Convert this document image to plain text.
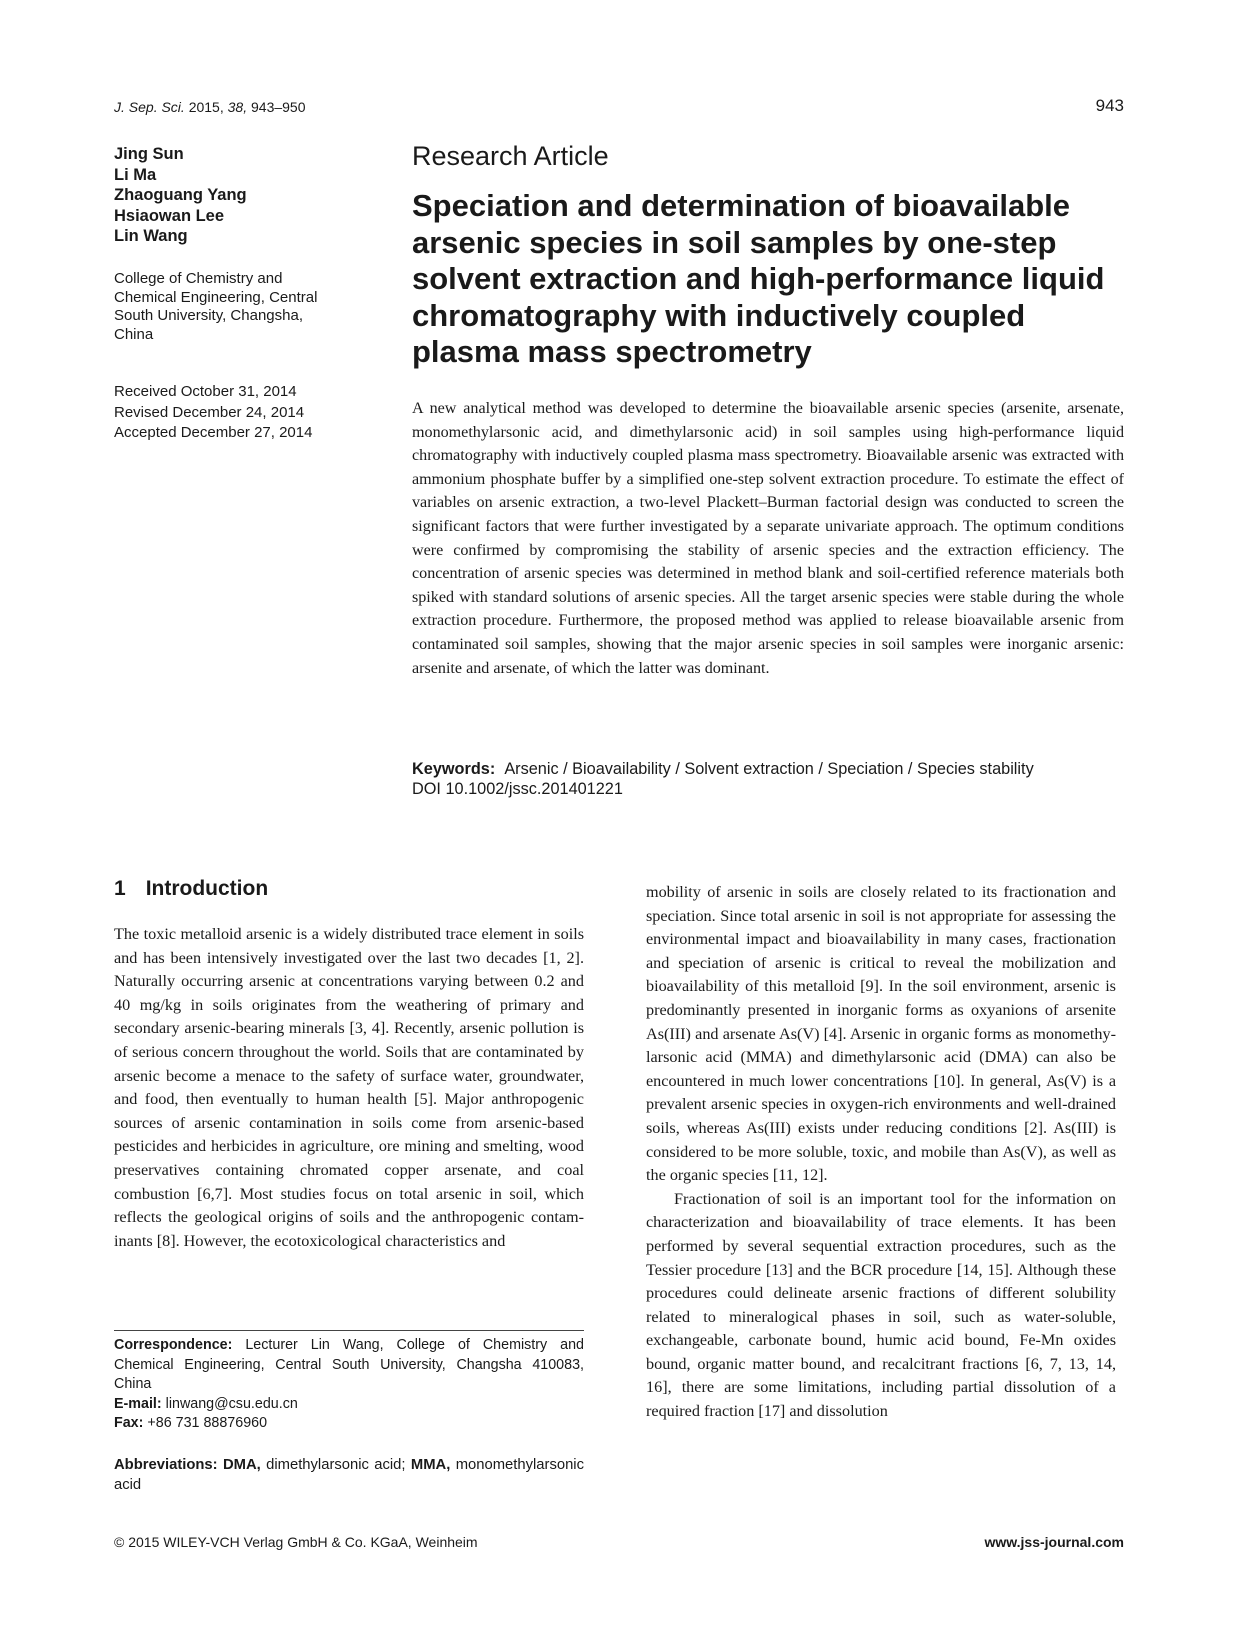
J. Sep. Sci. 2015, 38, 943–950	943
Jing Sun
Li Ma
Zhaoguang Yang
Hsiaowan Lee
Lin Wang
College of Chemistry and
Chemical Engineering, Central
South University, Changsha,
China
Received October 31, 2014
Revised December 24, 2014
Accepted December 27, 2014
Research Article
Speciation and determination of bioavailable arsenic species in soil samples by one-step solvent extraction and high-performance liquid chromatography with inductively coupled plasma mass spectrometry

A new analytical method was developed to determine the bioavailable arsenic species (arsenite, arsenate, monomethylarsonic acid, and dimethylarsonic acid) in soil samples using high-performance liquid chromatography with inductively coupled plasma mass spectrometry. Bioavailable arsenic was extracted with ammonium phosphate buffer by a simplified one-step solvent extraction procedure. To estimate the effect of variables on arsenic extraction, a two-level Plackett–Burman factorial design was conducted to screen the significant factors that were further investigated by a separate univariate approach. The optimum conditions were confirmed by compromising the stability of arsenic species and the extraction efficiency. The concentration of arsenic species was determined in method blank and soil-certified reference materials both spiked with standard solutions of arsenic species. All the target arsenic species were stable during the whole extraction procedure. Furthermore, the proposed method was applied to release bioavailable arsenic from contaminated soil samples, showing that the major arsenic species in soil samples were inorganic arsenic: arsenite and arsenate, of which the latter was dominant.

Keywords: Arsenic / Bioavailability / Solvent extraction / Speciation / Species stability
DOI 10.1002/jssc.201401221
1 Introduction

The toxic metalloid arsenic is a widely distributed trace element in soils and has been intensively investigated over the last two decades [1, 2]. Naturally occurring arsenic at concentrations varying between 0.2 and 40 mg/kg in soils originates from the weathering of primary and secondary arsenic-bearing minerals [3, 4]. Recently, arsenic pollution is of serious concern throughout the world. Soils that are contaminated by arsenic become a menace to the safety of surface water, groundwater, and food, then eventually to human health [5]. Major anthropogenic sources of arsenic contamination in soils come from arsenic-based pesticides and herbicides in agriculture, ore mining and smelting, wood preservatives containing chromated copper arsenate, and coal combustion [6,7]. Most studies focus on total arsenic in soil, which reflects the geological origins of soils and the anthropogenic contaminants [8]. However, the ecotoxicological characteristics and

mobility of arsenic in soils are closely related to its fractionation and speciation. Since total arsenic in soil is not appropriate for assessing the environmental impact and bioavailability in many cases, fractionation and speciation of arsenic is critical to reveal the mobilization and bioavailability of this metalloid [9]. In the soil environment, arsenic is predominantly presented in inorganic forms as oxyanions of arsenite As(III) and arsenate As(V) [4]. Arsenic in organic forms as monomethylarsonic acid (MMA) and dimethylarsonic acid (DMA) can also be encountered in much lower concentrations [10]. In general, As(V) is a prevalent arsenic species in oxygen-rich environments and well-drained soils, whereas As(III) exists under reducing conditions [2]. As(III) is considered to be more soluble, toxic, and mobile than As(V), as well as the organic species [11, 12].

Fractionation of soil is an important tool for the information on characterization and bioavailability of trace elements. It has been performed by several sequential extraction procedures, such as the Tessier procedure [13] and the BCR procedure [14, 15]. Although these procedures could delineate arsenic fractions of different solubility related to mineralogical phases in soil, such as water-soluble, exchangeable, carbonate bound, humic acid bound, Fe-Mn oxides bound, organic matter bound, and recalcitrant fractions [6, 7, 13, 14, 16], there are some limitations, including partial dissolution of a required fraction [17] and dissolution

Correspondence: Lecturer Lin Wang, College of Chemistry and Chemical Engineering, Central South University, Changsha 410083, China
E-mail: linwang@csu.edu.cn
Fax: +86 731 88876960
Abbreviations: DMA, dimethylarsonic acid; MMA, monomethylarsonic acid
© 2015 WILEY-VCH Verlag GmbH & Co. KGaA, Weinheim	www.jss-journal.com
